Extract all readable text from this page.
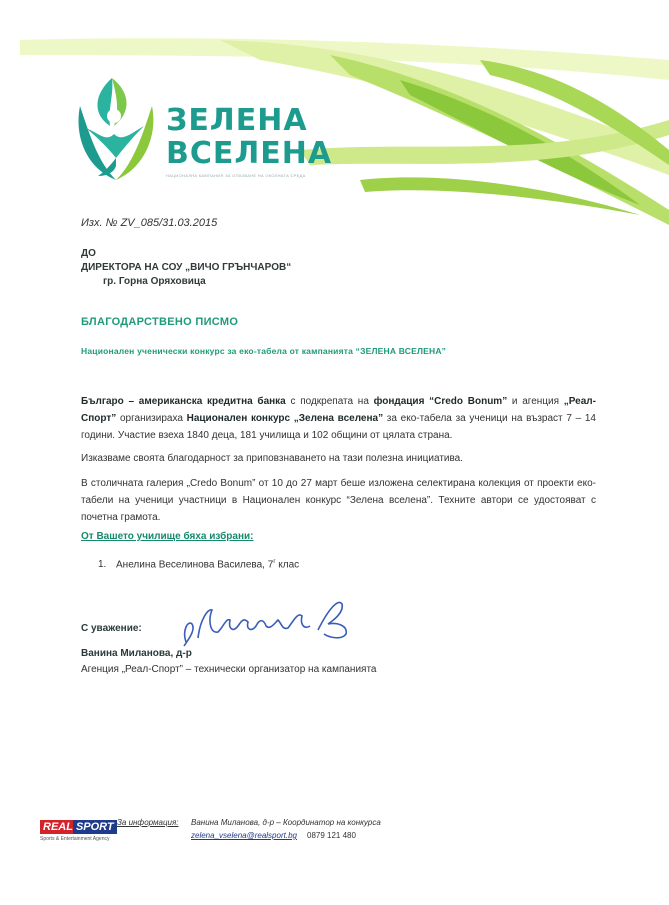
ЗЕЛЕНА
ВСЕЛЕНА
НАЦИОНАЛНА КАМПАНИЯ ЗА ОПАЗВАНЕ НА ОКОЛНАТА СРЕДА
Изх. № ZV_085/31.03.2015
ДО
ДИРЕКТОРА НА СОУ „ВИЧО ГРЪНЧАРОВ“
гр. Горна Оряховица
БЛАГОДАРСТВЕНО ПИСМО
Национален ученически конкурс за еко-табела от кампанията “ЗЕЛЕНА ВСЕЛЕНА”
Българо – американска кредитна банка с подкрепата на фондация “Credo Bonum” и агенция „Реал-Спорт” организираха Национален конкурс „Зелена вселена” за еко-табела за ученици на възраст 7 – 14 години. Участие взеха 1840 деца, 181 училища и 102 общини от цялата страна.
Изказваме своята благодарност за приповзнаването на тази полезна инициатива.
В столичната галерия „Credo Bonum” от 10 до 27 март беше изложена селектирана колекция от проекти еко-табели на ученици участници в Национален конкурс “Зелена вселена”. Техните автори се удостояват с почетна грамота.
От Вашето училище бяха избрани:
1. Анелина Веселинова Василева, $7^г$ клас
С уважение:
Ванина Миланова, д-р
Агенция „Реал-Спорт” – технически организатор на кампанията
REAL SPORT
Sports & Entertainment Agency
За информация: Ванина Миланова, д-р – Координатор на конкурса
zelena_vselena@realsport.bg 0879 121 480
